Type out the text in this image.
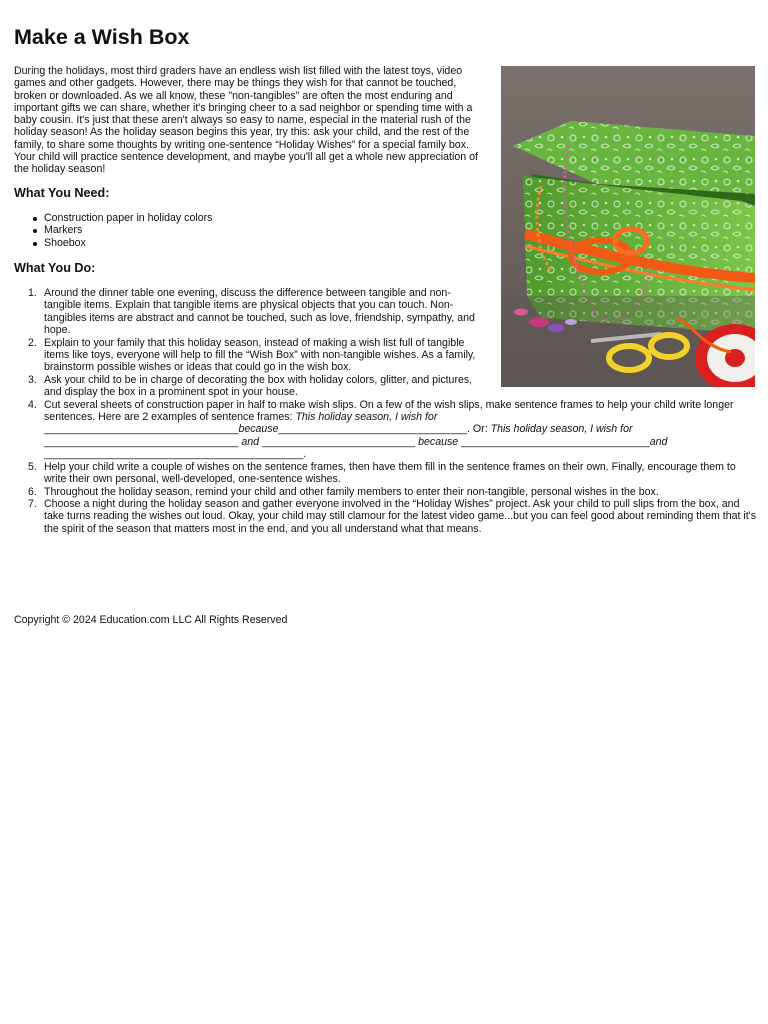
Make a Wish Box

During the holidays, most third graders have an endless wish list filled with the latest toys, video games and other gadgets. However, there may be things they wish for that cannot be touched, broken or downloaded. As we all know, these "non-tangibles" are often the most enduring and important gifts we can share, whether it's bringing cheer to a sad neighbor or spending time with a baby cousin. It's just that these aren't always so easy to name, especial in the material rush of the holiday season! As the holiday season begins this year, try this: ask your child, and the rest of the family, to share some thoughts by writing one-sentence “Holiday Wishes” for a special family box. Your child will practice sentence development, and maybe you'll all get a whole new appreciation of the holiday season!

What You Need:
Construction paper in holiday colors
Markers
Shoebox
What You Do:
1. Around the dinner table one evening, discuss the difference between tangible and non-tangible items. Explain that tangible items are physical objects that you can touch. Non-tangibles items are abstract and cannot be touched, such as love, friendship, sympathy, and hope.
2. Explain to your family that this holiday season, instead of making a wish list full of tangible items like toys, everyone will help to fill the “Wish Box” with non-tangible wishes. As a family, brainstorm possible wishes or ideas that could go in the wish box.
3. Ask your child to be in charge of decorating the box with holiday colors, glitter, and pictures, and display the box in a prominent spot in your house.
4. Cut several sheets of construction paper in half to make wish slips. On a few of the wish slips, make sentence frames to help your child write longer sentences. Here are 2 examples of sentence frames: This holiday season, I wish for _________________________________because________________________________. Or: This holiday season, I wish for _________________________________ and __________________________ because ________________________________and ____________________________________________.
5. Help your child write a couple of wishes on the sentence frames, then have them fill in the sentence frames on their own. Finally, encourage them to write their own personal, well-developed, one-sentence wishes.
6. Throughout the holiday season, remind your child and other family members to enter their non-tangible, personal wishes in the box.
7. Choose a night during the holiday season and gather everyone involved in the “Holiday Wishes” project. Ask your child to pull slips from the box, and take turns reading the wishes out loud. Okay, your child may still clamour for the latest video game...but you can feel good about reminding them that it's the spirit of the season that matters most in the end, and you all understand what that means.

Copyright © 2024 Education.com LLC All Rights Reserved
